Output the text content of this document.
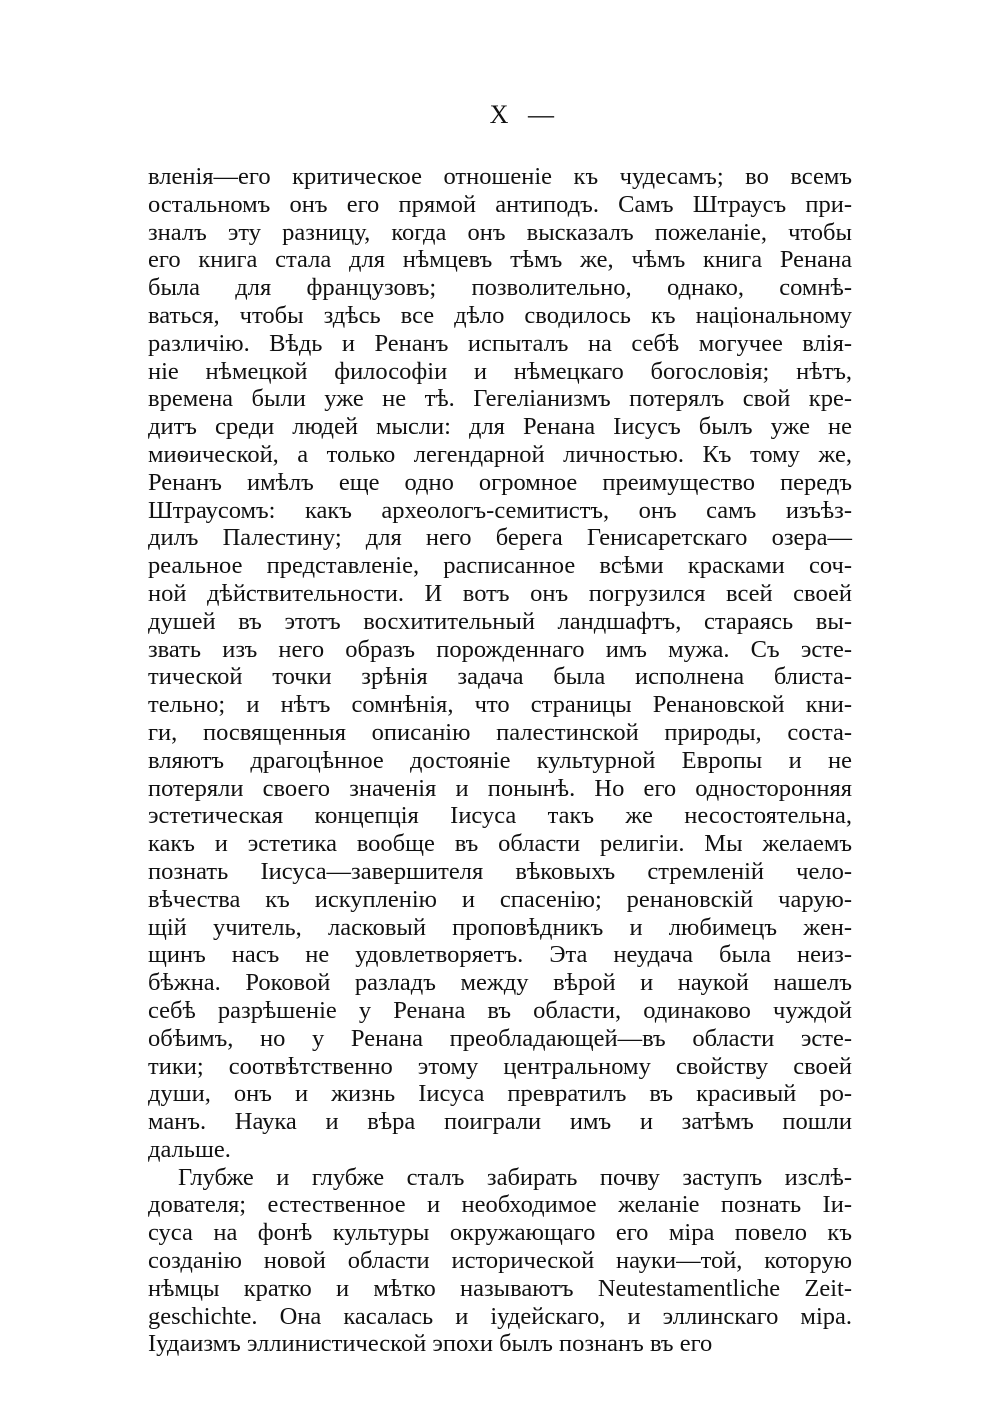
X —
вленія—его критическое отношеніе къ чудесамъ; во всемъ
остальномъ онъ его прямой антиподъ. Самъ Штраусъ при-
зналъ эту разницу, когда онъ высказалъ пожеланіе, чтобы
его книга стала для нѣмцевъ тѣмъ же, чѣмъ книга Ренана
была для французовъ; позволительно, однако, сомнѣ-
ваться, чтобы здѣсь все дѣло сводилось къ національному
различію. Вѣдь и Ренанъ испыталъ на себѣ могучее влія-
ніе нѣмецкой философіи и нѣмецкаго богословія; нѣтъ,
времена были уже не тѣ. Гегеліанизмъ потерялъ свой кре-
дитъ среди людей мысли: для Ренана Іисусъ былъ уже не
миѳической, а только легендарной личностью. Къ тому же,
Ренанъ имѣлъ еще одно огромное преимущество передъ
Штраусомъ: какъ археологъ-семитистъ, онъ самъ изъѣз-
дилъ Палестину; для него берега Генисаретскаго озера—
реальное представленіе, расписанное всѣми красками соч-
ной дѣйствительности. И вотъ онъ погрузился всей своей
душей въ этотъ восхитительный ландшафтъ, стараясь вы-
звать изъ него образъ порожденнаго имъ мужа. Съ эсте-
тической точки зрѣнія задача была исполнена блиста-
тельно; и нѣтъ сомнѣнія, что страницы Ренановской кни-
ги, посвященныя описанію палестинской природы, соста-
вляютъ драгоцѣнное достояніе культурной Европы и не
потеряли своего значенія и понынѣ. Но его односторонняя
эстетическая концепція Іисуса такъ же несостоятельна,
какъ и эстетика вообще въ области религіи. Мы желаемъ
познать Іисуса—завершителя вѣковыхъ стремленій чело-
вѣчества къ искупленію и спасенію; ренановскій чарую-
щій учитель, ласковый проповѣдникъ и любимецъ жен-
щинъ насъ не удовлетворяетъ. Эта неудача была неиз-
бѣжна. Роковой разладъ между вѣрой и наукой нашелъ
себѣ разрѣшеніе у Ренана въ области, одинаково чуждой
обѣимъ, но у Ренана преобладающей—въ области эсте-
тики; соотвѣтственно этому центральному свойству своей
души, онъ и жизнь Іисуса превратилъ въ красивый ро-
манъ. Наука и вѣра поиграли имъ и затѣмъ пошли
дальше.
Глубже и глубже сталъ забирать почву заступъ изслѣ-
дователя; естественное и необходимое желаніе познать Іи-
суса на фонѣ культуры окружающаго его міра повело къ
созданію новой области исторической науки—той, которую
нѣмцы кратко и мѣтко называютъ Neutestamentliche Zeit-
geschichte. Она касалась и іудейскаго, и эллинскаго міра.
Іудаизмъ эллинистической эпохи былъ познанъ въ его
